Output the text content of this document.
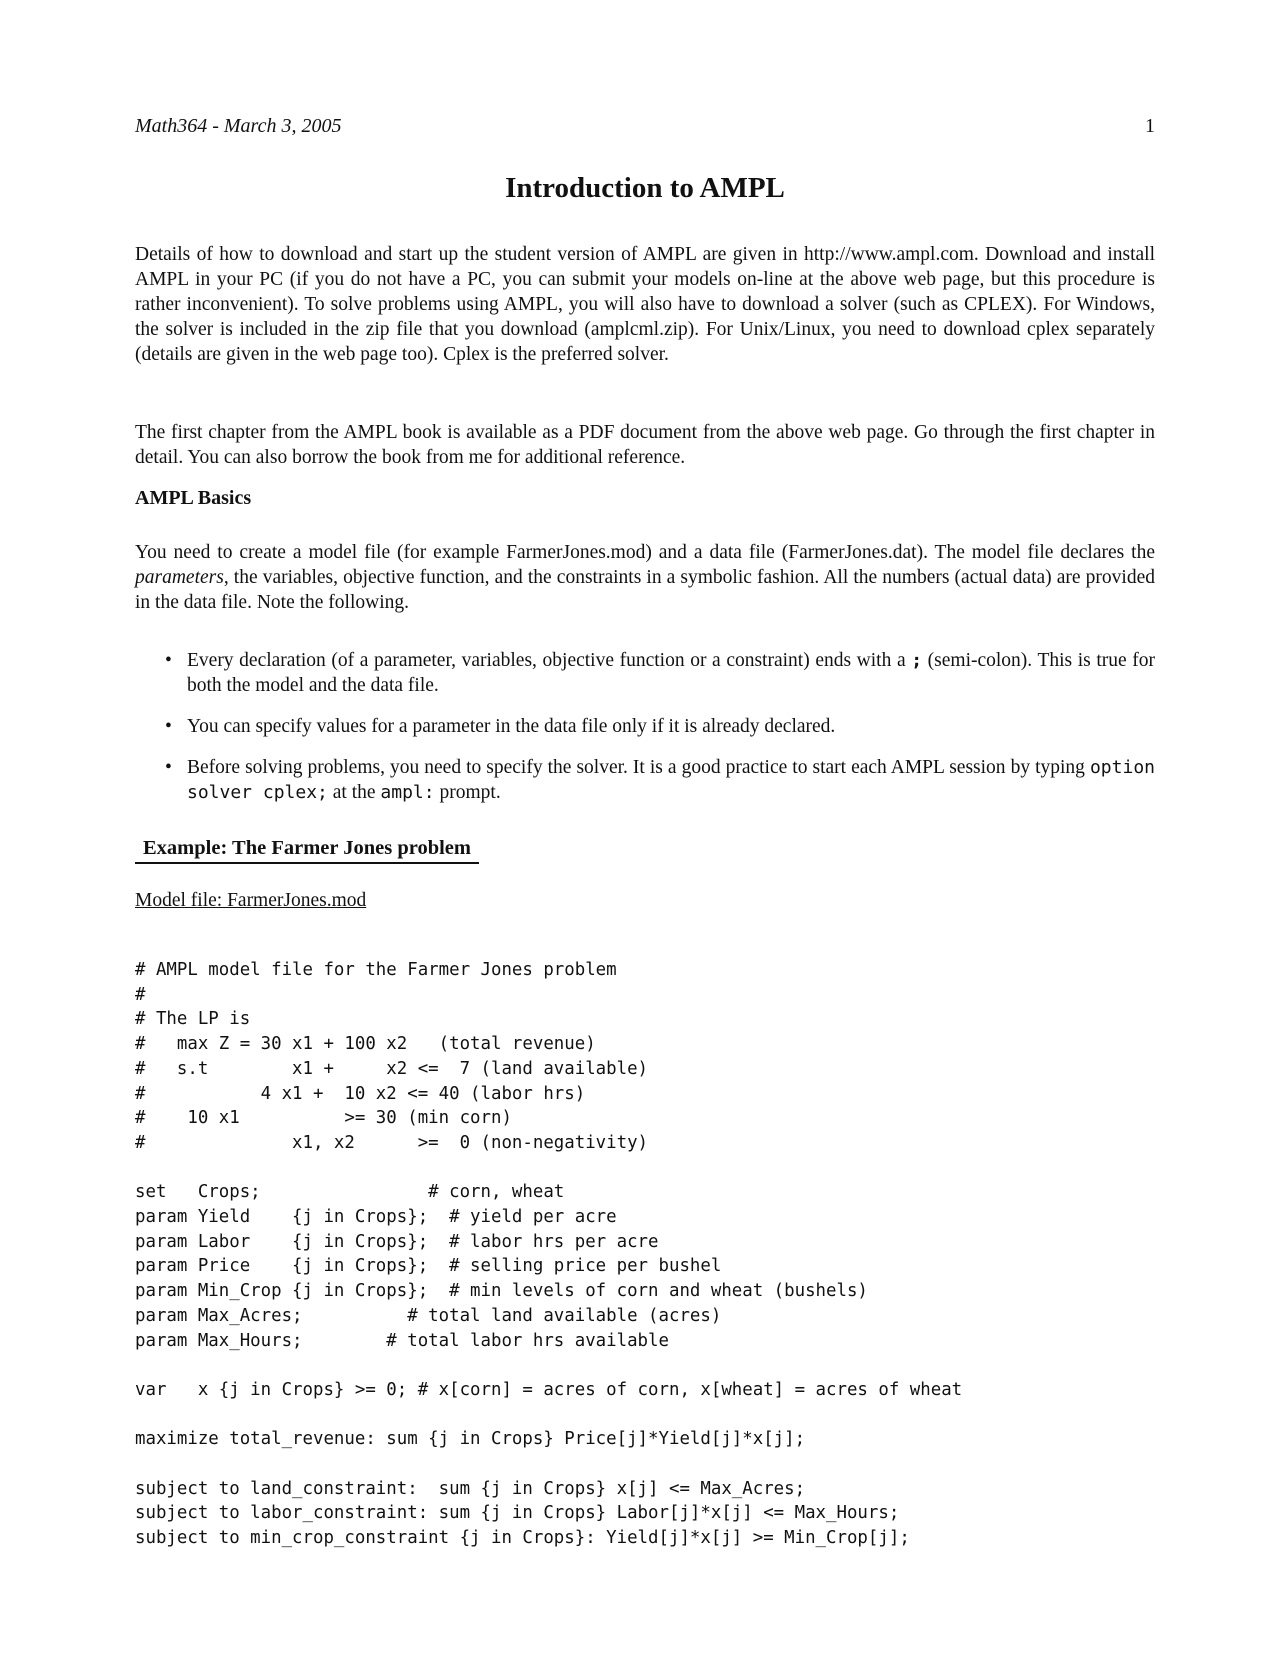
Math364 - March 3, 2005	1
Introduction to AMPL

Details of how to download and start up the student version of AMPL are given in http://www.ampl.com. Download and install AMPL in your PC (if you do not have a PC, you can submit your models on-line at the above web page, but this procedure is rather inconvenient). To solve problems using AMPL, you will also have to download a solver (such as CPLEX). For Windows, the solver is included in the zip file that you download (amplcml.zip). For Unix/Linux, you need to download cplex separately (details are given in the web page too). Cplex is the preferred solver.

The first chapter from the AMPL book is available as a PDF document from the above web page. Go through the first chapter in detail. You can also borrow the book from me for additional reference.

AMPL Basics

You need to create a model file (for example FarmerJones.mod) and a data file (FarmerJones.dat). The model file declares the parameters, the variables, objective function, and the constraints in a symbolic fashion. All the numbers (actual data) are provided in the data file. Note the following.

• Every declaration (of a parameter, variables, objective function or a constraint) ends with a ; (semi-colon). This is true for both the model and the data file.
• You can specify values for a parameter in the data file only if it is already declared.
• Before solving problems, you need to specify the solver. It is a good practice to start each AMPL session by typing option solver cplex; at the ampl: prompt.
Example: The Farmer Jones problem
Model file: FarmerJones.mod
# AMPL model file for the Farmer Jones problem
#
# The LP is
#   max Z = 30 x1 + 100 x2   (total revenue)
#   s.t        x1 +     x2 <=  7 (land available)
#           4 x1 +  10 x2 <= 40 (labor hrs)
#    10 x1          >= 30 (min corn)
#              x1, x2      >=  0 (non-negativity)

set   Crops;                # corn, wheat
param Yield    {j in Crops};  # yield per acre
param Labor    {j in Crops};  # labor hrs per acre
param Price    {j in Crops};  # selling price per bushel
param Min_Crop {j in Crops};  # min levels of corn and wheat (bushels)
param Max_Acres;          # total land available (acres)
param Max_Hours;        # total labor hrs available

var   x {j in Crops} >= 0; # x[corn] = acres of corn, x[wheat] = acres of wheat

maximize total_revenue: sum {j in Crops} Price[j]*Yield[j]*x[j];

subject to land_constraint:  sum {j in Crops} x[j] <= Max_Acres;
subject to labor_constraint: sum {j in Crops} Labor[j]*x[j] <= Max_Hours;
subject to min_crop_constraint {j in Crops}: Yield[j]*x[j] >= Min_Crop[j];
